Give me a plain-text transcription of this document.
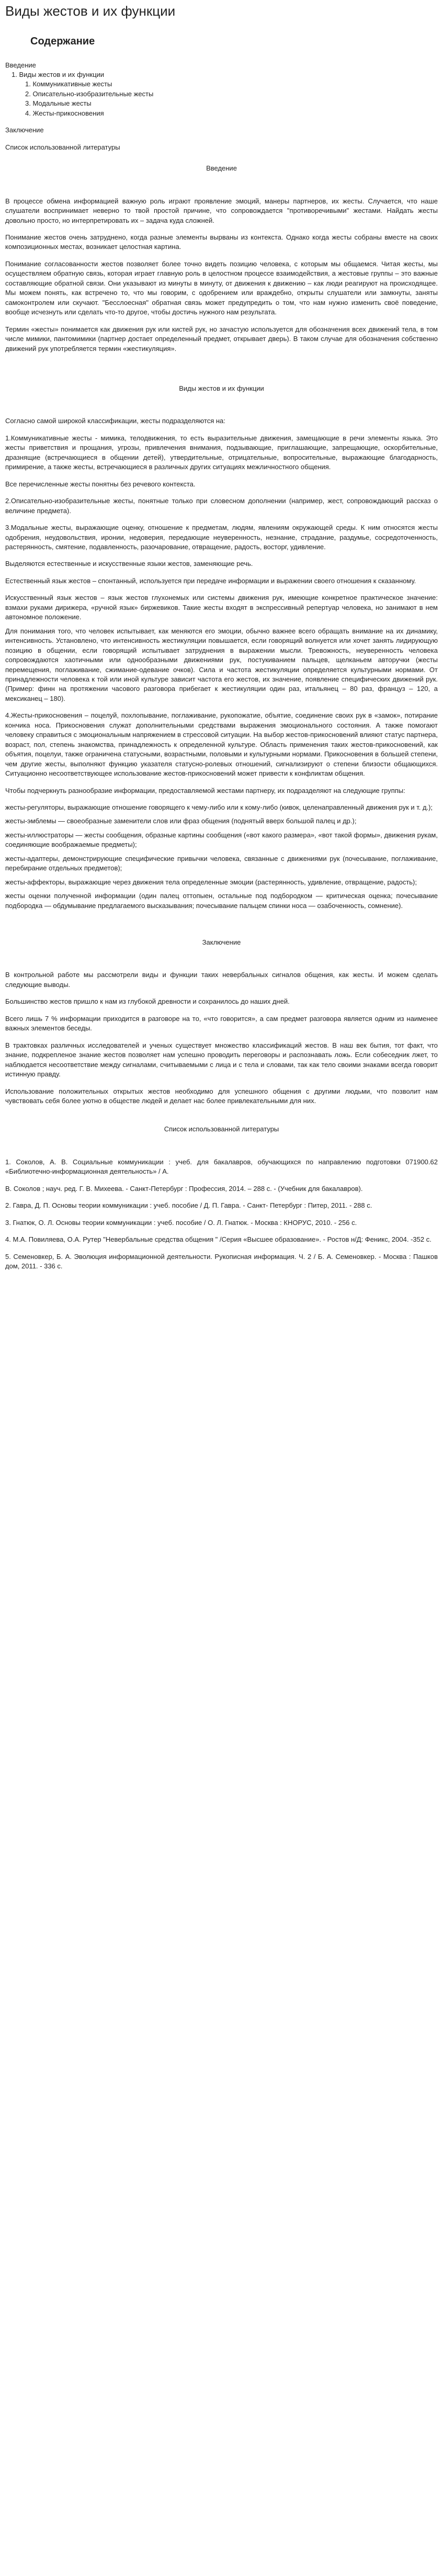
Виды жестов и их функции
Содержание

Введение

1. Виды жестов и их функции
1. Коммуникативные жесты
2. Описательно-изобразительные жесты
3. Модальные жесты
4. Жесты-прикосновения

Заключение

Список использованной литературы

Введение

В процессе обмена информацией важную роль играют проявление эмоций, манеры партнеров, их жесты. Случается, что наше слушатели воспринимает неверно то твой простой причине, что сопровождается "противоречивыми" жестами. Найдать жесты довольно просто, но интерпретировать их – задача куда сложней.

Понимание жестов очень затруднено, когда разные элементы вырваны из контекста. Однако когда жесты собраны вместе на своих композиционных местах, возникает целостная картина.

Понимание согласованности жестов позволяет более точно видеть позицию человека, с которым мы общаемся. Читая жесты, мы осуществляем обратную связь, которая играет главную роль в целостном процессе взаимодействия, а жестовые группы – это важные составляющие обратной связи. Они указывают из минуты в минуту, от движения к движению – как люди реагируют на происходящее. Мы можем понять, как встречено то, что мы говорим, с одобрением или враждебно, открыты слушатели или замкнуты, заняты самоконтролем или скучают. "Бесслоесная" обратная связь может предупредить о том, что нам нужно изменить своё поведение, вообще исчезнуть или сделать что-то другое, чтобы достичь нужного нам результата.

Термин «жесты» понимается как движения рук или кистей рук, но зачастую используется для обозначения всех движений тела, в том числе мимики, пантомимики (партнер достает определенный предмет, открывает дверь). В таком случае для обозначения собственно движений рук употребляется термин «жестикуляция».

Виды жестов и их функции

Согласно самой широкой классификации, жесты подразделяются на:

1.Коммуникативные жесты - мимика, телодвижения, то есть выразительные движения, замещающие в речи элементы языка. Это жесты приветствия и прощания, угрозы, привлечения внимания, подзывающие, приглашающие, запрещающие, оскорбительные, дразнящие (встречающиеся в общении детей), утвердительные, отрицательные, вопросительные, выражающие благодарность, примирение, а также жесты, встречающиеся в различных других ситуациях межличностного общения.

Все перечисленные жесты понятны без речевого контекста.

2.Описательно-изобразительные жесты, понятные только при словесном дополнении (например, жест, сопровождающий рассказ о величине предмета).

3.Модальные жесты, выражающие оценку, отношение к предметам, людям, явлениям окружающей среды. К ним относятся жесты одобрения, неудовольствия, иронии, недоверия, передающие неуверенность, незнание, страдание, раздумье, сосредоточенность, растерянность, смятение, подавленность, разочарование, отвращение, радость, восторг, удивление.

Выделяются естественные и искусственные языки жестов, заменяющие речь.

Естественный язык жестов – спонтанный, используется при передаче информации и выражении своего отношения к сказанному.

Искусственный язык жестов – язык жестов глухонемых или системы движения рук, имеющие конкретное практическое значение: взмахи руками дирижера, «ручной язык» биржевиков. Такие жесты входят в экспрессивный репертуар человека, но занимают в нем автономное положение.

Для понимания того, что человек испытывает, как меняются его эмоции, обычно важнее всего обращать внимание на их динамику, интенсивность. Установлено, что интенсивность жестикуляции повышается, если говорящий волнуется или хочет занять лидирующую позицию в общении, если говорящий испытывает затруднения в выражении мысли. Тревожность, неуверенность человека сопровождаются хаотичными или однообразными движениями рук, постукиванием пальцев, щелканьем авторучки (жесты перемещения, поглаживание, сжимание-одевание очков). Сила и частота жестикуляции определяется культурными нормами. От принадлежности человека к той или иной культуре зависит частота его жестов, их значение, появление специфических движений рук. (Пример: финн на протяжении часового разговора прибегает к жестикуляции один раз, итальянец – 80 раз, француз – 120, а мексиканец – 180).

4.Жесты-прикосновения – поцелуй, похлопывание, поглаживание, рукопожатие, объятие, соединение своих рук в «замок», потирание кончика носа. Прикосновения служат дополнительными средствами выражения эмоционального состояния. А также помогают человеку справиться с эмоциональным напряжением в стрессовой ситуации. На выбор жестов-прикосновений влияют статус партнера, возраст, пол, степень знакомства, принадлежность к определенной культуре. Область применения таких жестов-прикосновений, как объятия, поцелуи, также ограничена статусными, возрастными, половыми и культурными нормами. Прикосновения в большей степени, чем другие жесты, выполняют функцию указателя статусно-ролевых отношений, сигнализируют о степени близости общающихся. Ситуационно несоответствующее использование жестов-прикосновений может привести к конфликтам общения.

Чтобы подчеркнуть разнообразие информации, предоставляемой жестами партнеру, их подразделяют на следующие группы:

жесты-регуляторы, выражающие отношение говорящего к чему-либо или к кому-либо (кивок, целенаправленный движения рук и т. д.);

жесты-эмблемы — своеобразные заменители слов или фраз общения (поднятый вверх большой палец и др.);

жесты-иллюстраторы — жесты сообщения, образные картины сообщения («вот какого размера», «вот такой формы», движения рукам, соединяющие воображаемые предметы);

жесты-адаптеры, демонстрирующие специфические привычки человека, связанные с движениями рук (почесывание, поглаживание, перебирание отдельных предметов);

жесты-аффекторы, выражающие через движения тела определенные эмоции (растерянность, удивление, отвращение, радость);

жесты оценки полученной информации (один палец оттопыен, остальные под подбородком — критическая оценка; почесывание подбородка — обдумывание предлагаемого высказывания; почесывание пальцем спинки носа — озабоченность, сомнение).

Заключение

В контрольной работе мы рассмотрели виды и функции таких невербальных сигналов общения, как жесты. И можем сделать следующие выводы.

Большинство жестов пришло к нам из глубокой древности и сохранилось до наших дней.

Всего лишь 7 % информации приходится в разговоре на то, «что говорится», а сам предмет разговора является одним из наименее важных элементов беседы.

В трактовках различных исследователей и ученых существует множество классификаций жестов. В наш век бытия, тот факт, что знание, подкрепленое знание жестов позволяет нам успешно проводить переговоры и распознавать ложь. Если собеседник лжет, то наблюдается несоответствие между сигналами, считываемыми с лица и с тела и словами, так как тело своими знаками всегда говорит истинную правду.

Использование положительных открытых жестов необходимо для успешного общения с другими людьми, что позволит нам чувствовать себя более уютно в обществе людей и делает нас более привлекательными для них.

Список использованной литературы

1. Соколов, А. В. Социальные коммуникации : учеб. для бакалавров, обучающихся по направлению подготовки 071900.62 «Библиотечно-информационная деятельность» / А.

В. Соколов ; науч. ред. Г. В. Михеева. - Санкт-Петербург : Профессия, 2014. – 288 с. - (Учебник для бакалавров).

2. Гавра, Д. П. Основы теории коммуникации : учеб. пособие / Д. П. Гавра. - Санкт- Петербург : Питер, 2011. - 288 с.

3. Гнатюк, О. Л. Основы теории коммуникации : учеб. пособие / О. Л. Гнатюк. - Москва : КНОРУС, 2010. - 256 с.

4. М.А. Повиляева, О.А. Рутер "Невербальные средства общения " /Серия «Высшее образование». - Ростов н/Д: Феникс, 2004. -352 с.

5. Семеновкер, Б. А. Эволюция информационной деятельности. Рукописная информация. Ч. 2 / Б. А. Семеновкер. - Москва : Пашков дом, 2011. - 336 с.
